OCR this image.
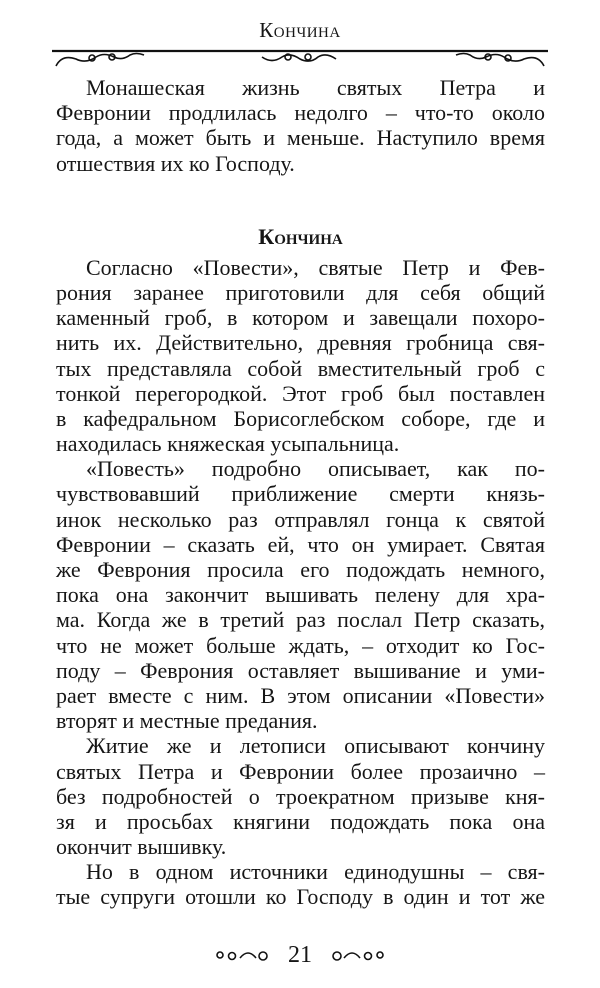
Кончина
Монашеская жизнь святых Петра и
Февронии продлилась недолго – что-то около
года, а может быть и меньше. Наступило время
отшествия их ко Господу.
Кончина
Согласно «Повести», святые Петр и Фев-
рония заранее приготовили для себя общий
каменный гроб, в котором и завещали похоро-
нить их. Действительно, древняя гробница свя-
тых представляла собой вместительный гроб с
тонкой перегородкой. Этот гроб был поставлен
в кафедральном Борисоглебском соборе, где и
находилась княжеская усыпальница.
«Повесть» подробно описывает, как по-
чувствовавший приближение смерти князь-
инок несколько раз отправлял гонца к святой
Февронии – сказать ей, что он умирает. Святая
же Феврония просила его подождать немного,
пока она закончит вышивать пелену для хра-
ма. Когда же в третий раз послал Петр сказать,
что не может больше ждать, – отходит ко Гос-
поду – Феврония оставляет вышивание и уми-
рает вместе с ним. В этом описании «Повести»
вторят и местные предания.
Житие же и летописи описывают кончину
святых Петра и Февронии более прозаично –
без подробностей о троекратном призыве кня-
зя и просьбах княгини подождать пока она
окончит вышивку.
Но в одном источники единодушны – свя-
тые супруги отошли ко Господу в один и тот же
21
